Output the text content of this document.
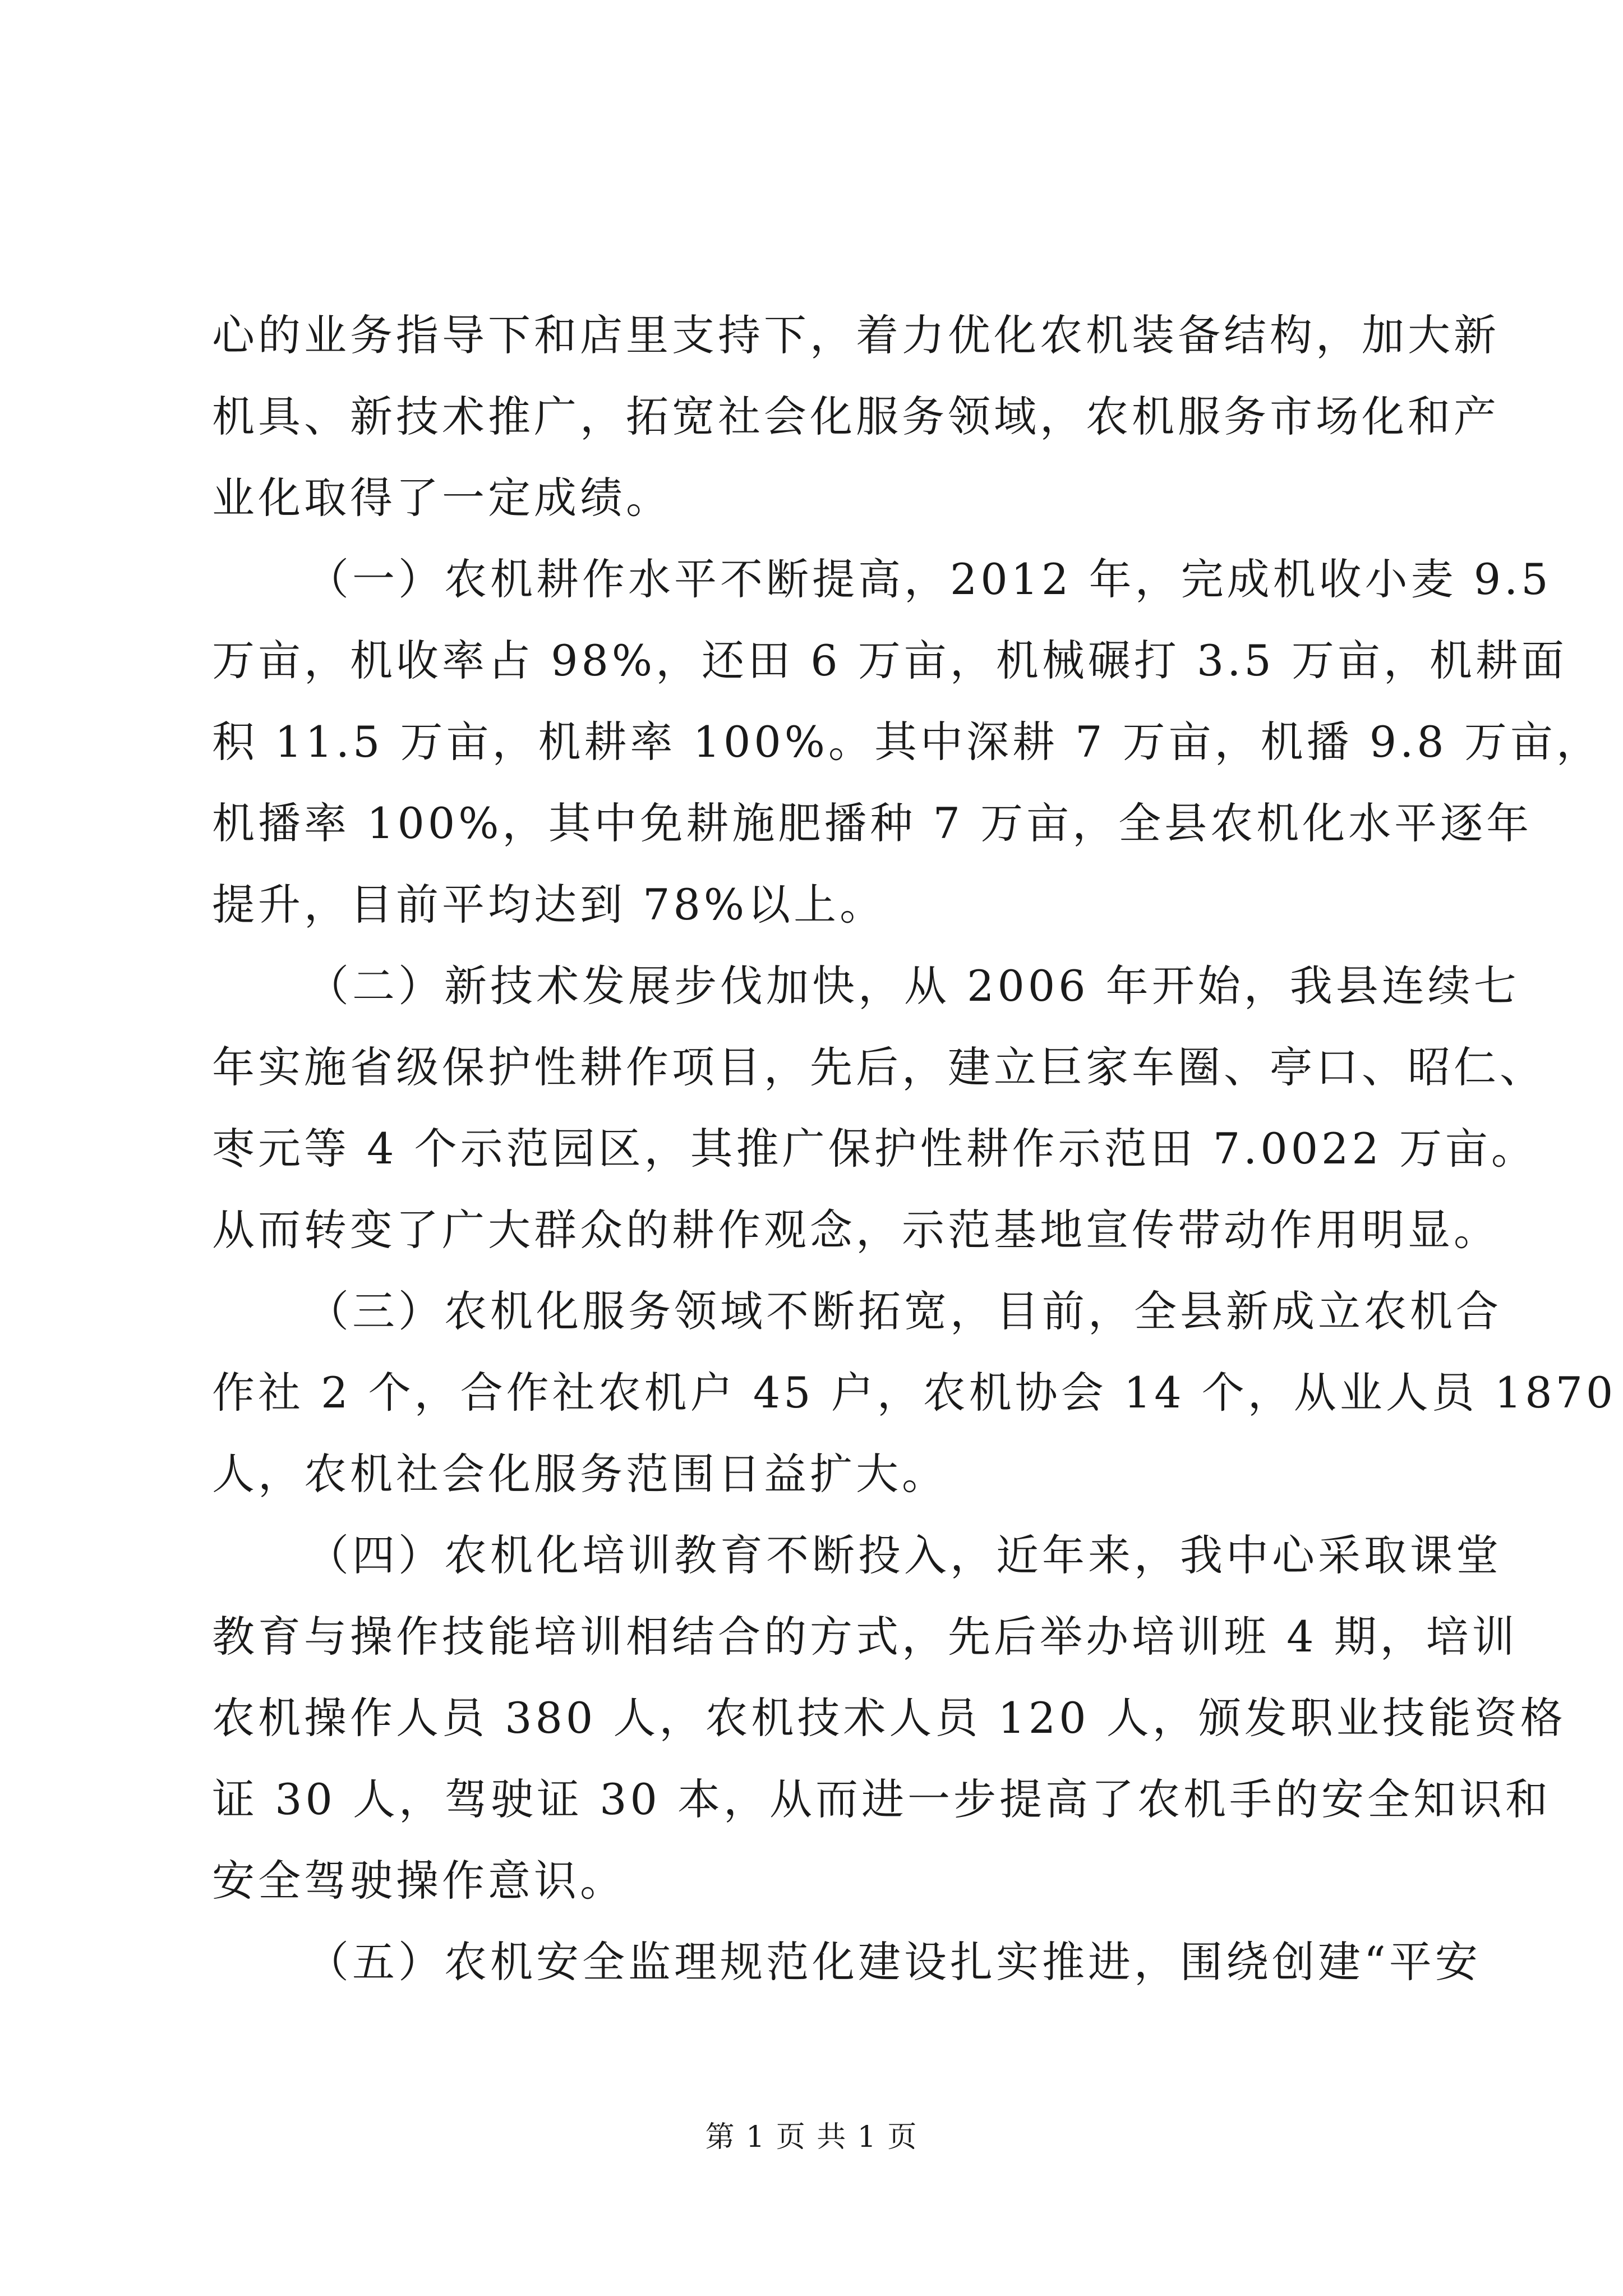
心的业务指导下和店里支持下，着力优化农机装备结构，加大新
机具、新技术推广，拓宽社会化服务领域，农机服务市场化和产
业化取得了一定成绩。
（一）农机耕作水平不断提高，2012 年，完成机收小麦 9.5
万亩，机收率占 98%，还田 6 万亩，机械碾打 3.5 万亩，机耕面
积 11.5 万亩，机耕率 100%。其中深耕 7 万亩，机播 9.8 万亩，
机播率 100%，其中免耕施肥播种 7 万亩，全县农机化水平逐年
提升，目前平均达到 78%以上。
（二）新技术发展步伐加快，从 2006 年开始，我县连续七
年实施省级保护性耕作项目，先后，建立巨家车圈、亭口、昭仁、
枣元等 4 个示范园区，其推广保护性耕作示范田 7.0022 万亩。
从而转变了广大群众的耕作观念，示范基地宣传带动作用明显。
（三）农机化服务领域不断拓宽，目前，全县新成立农机合
作社 2 个，合作社农机户 45 户，农机协会 14 个，从业人员 1870
人，农机社会化服务范围日益扩大。
（四）农机化培训教育不断投入，近年来，我中心采取课堂
教育与操作技能培训相结合的方式，先后举办培训班 4 期，培训
农机操作人员 380 人，农机技术人员 120 人，颁发职业技能资格
证 30 人，驾驶证 30 本，从而进一步提高了农机手的安全知识和
安全驾驶操作意识。
（五）农机安全监理规范化建设扎实推进，围绕创建“平安
第 1 页 共 1 页
